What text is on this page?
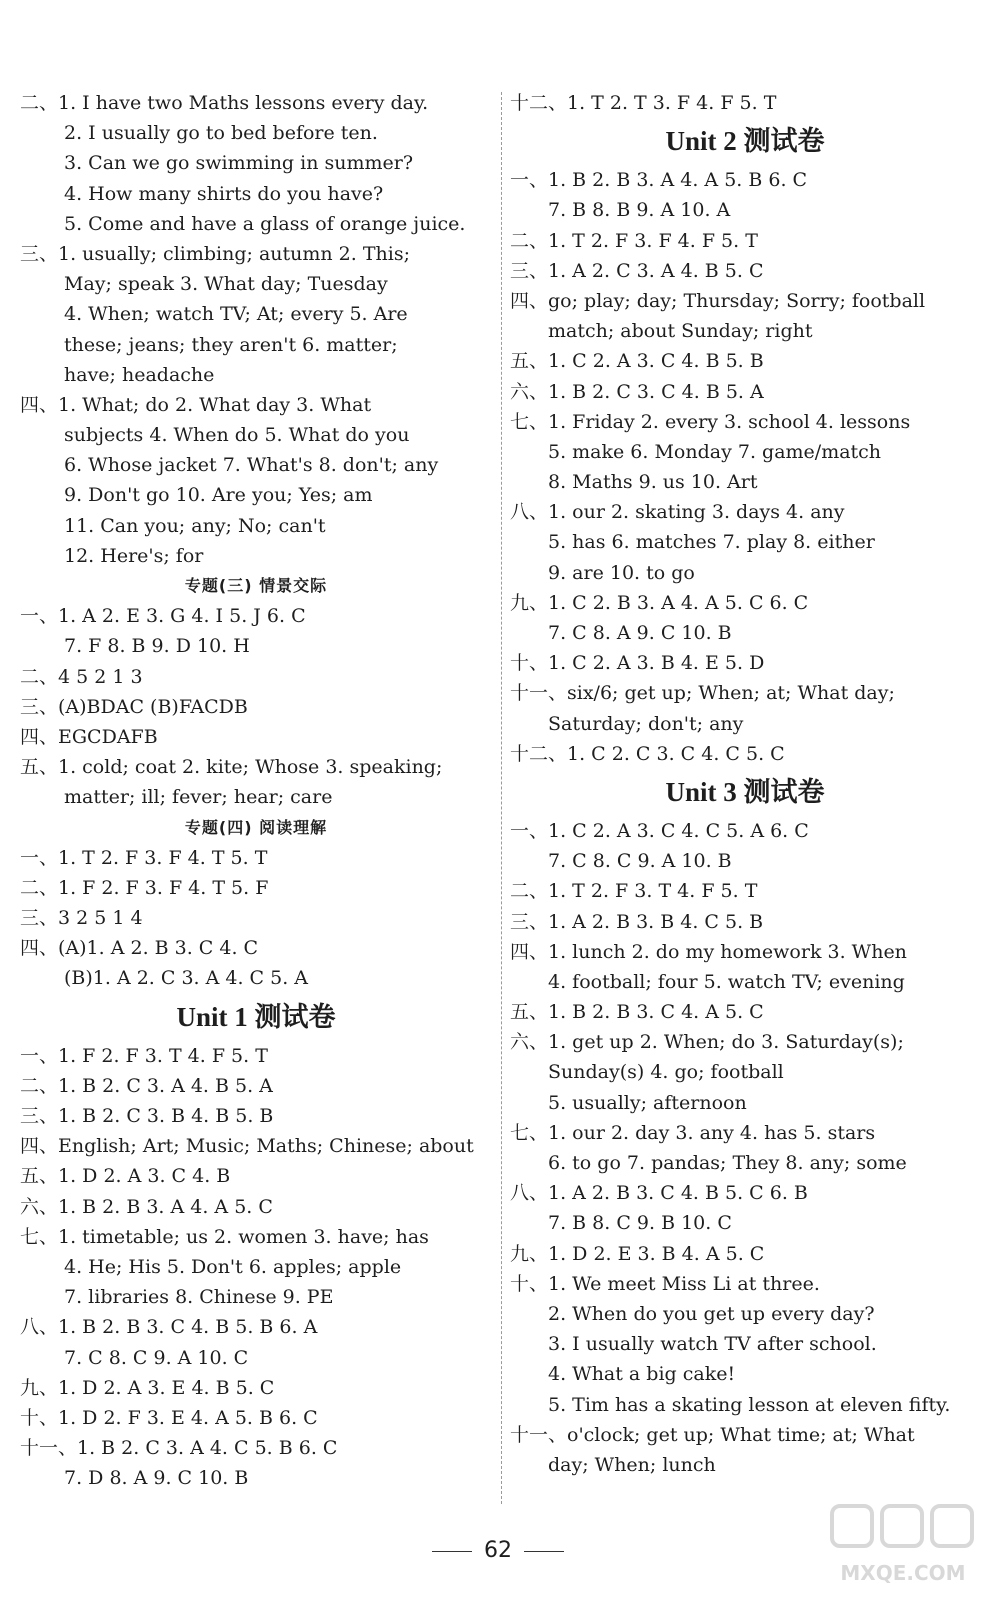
二、1. I have two Maths lessons every day.
2. I usually go to bed before ten.
3. Can we go swimming in summer?
4. How many shirts do you have?
5. Come and have a glass of orange juice.
三、1. usually; climbing; autumn 2. This;
May; speak 3. What day; Tuesday
4. When; watch TV; At; every 5. Are
these; jeans; they aren't 6. matter;
have; headache
四、1. What; do 2. What day 3. What
subjects 4. When do 5. What do you
6. Whose jacket 7. What's 8. don't; any
9. Don't go 10. Are you; Yes; am
11. Can you; any; No; can't
12. Here's; for
专题(三) 情景交际
一、1. A 2. E 3. G 4. I 5. J 6. C
7. F 8. B 9. D 10. H
二、4 5 2 1 3
三、(A)BDAC (B)FACDB
四、EGCDAFB
五、1. cold; coat 2. kite; Whose 3. speaking;
matter; ill; fever; hear; care
专题(四) 阅读理解
一、1. T 2. F 3. F 4. T 5. T
二、1. F 2. F 3. F 4. T 5. F
三、3 2 5 1 4
四、(A)1. A 2. B 3. C 4. C
(B)1. A 2. C 3. A 4. C 5. A
Unit 1 测试卷
一、1. F 2. F 3. T 4. F 5. T
二、1. B 2. C 3. A 4. B 5. A
三、1. B 2. C 3. B 4. B 5. B
四、English; Art; Music; Maths; Chinese; about
五、1. D 2. A 3. C 4. B
六、1. B 2. B 3. A 4. A 5. C
七、1. timetable; us 2. women 3. have; has
4. He; His 5. Don't 6. apples; apple
7. libraries 8. Chinese 9. PE
八、1. B 2. B 3. C 4. B 5. B 6. A
7. C 8. C 9. A 10. C
九、1. D 2. A 3. E 4. B 5. C
十、1. D 2. F 3. E 4. A 5. B 6. C
十一、1. B 2. C 3. A 4. C 5. B 6. C
7. D 8. A 9. C 10. B
十二、1. T 2. T 3. F 4. F 5. T
Unit 2 测试卷
一、1. B 2. B 3. A 4. A 5. B 6. C
7. B 8. B 9. A 10. A
二、1. T 2. F 3. F 4. F 5. T
三、1. A 2. C 3. A 4. B 5. C
四、go; play; day; Thursday; Sorry; football
match; about Sunday; right
五、1. C 2. A 3. C 4. B 5. B
六、1. B 2. C 3. C 4. B 5. A
七、1. Friday 2. every 3. school 4. lessons
5. make 6. Monday 7. game/match
8. Maths 9. us 10. Art
八、1. our 2. skating 3. days 4. any
5. has 6. matches 7. play 8. either
9. are 10. to go
九、1. C 2. B 3. A 4. A 5. C 6. C
7. C 8. A 9. C 10. B
十、1. C 2. A 3. B 4. E 5. D
十一、six/6; get up; When; at; What day;
Saturday; don't; any
十二、1. C 2. C 3. C 4. C 5. C
Unit 3 测试卷
一、1. C 2. A 3. C 4. C 5. A 6. C
7. C 8. C 9. A 10. B
二、1. T 2. F 3. T 4. F 5. T
三、1. A 2. B 3. B 4. C 5. B
四、1. lunch 2. do my homework 3. When
4. football; four 5. watch TV; evening
五、1. B 2. B 3. C 4. A 5. C
六、1. get up 2. When; do 3. Saturday(s);
Sunday(s) 4. go; football
5. usually; afternoon
七、1. our 2. day 3. any 4. has 5. stars
6. to go 7. pandas; They 8. any; some
八、1. A 2. B 3. C 4. B 5. C 6. B
7. B 8. C 9. B 10. C
九、1. D 2. E 3. B 4. A 5. C
十、1. We meet Miss Li at three.
2. When do you get up every day?
3. I usually watch TV after school.
4. What a big cake!
5. Tim has a skating lesson at eleven fifty.
十一、o'clock; get up; What time; at; What
day; When; lunch
62
MXQE.COM
